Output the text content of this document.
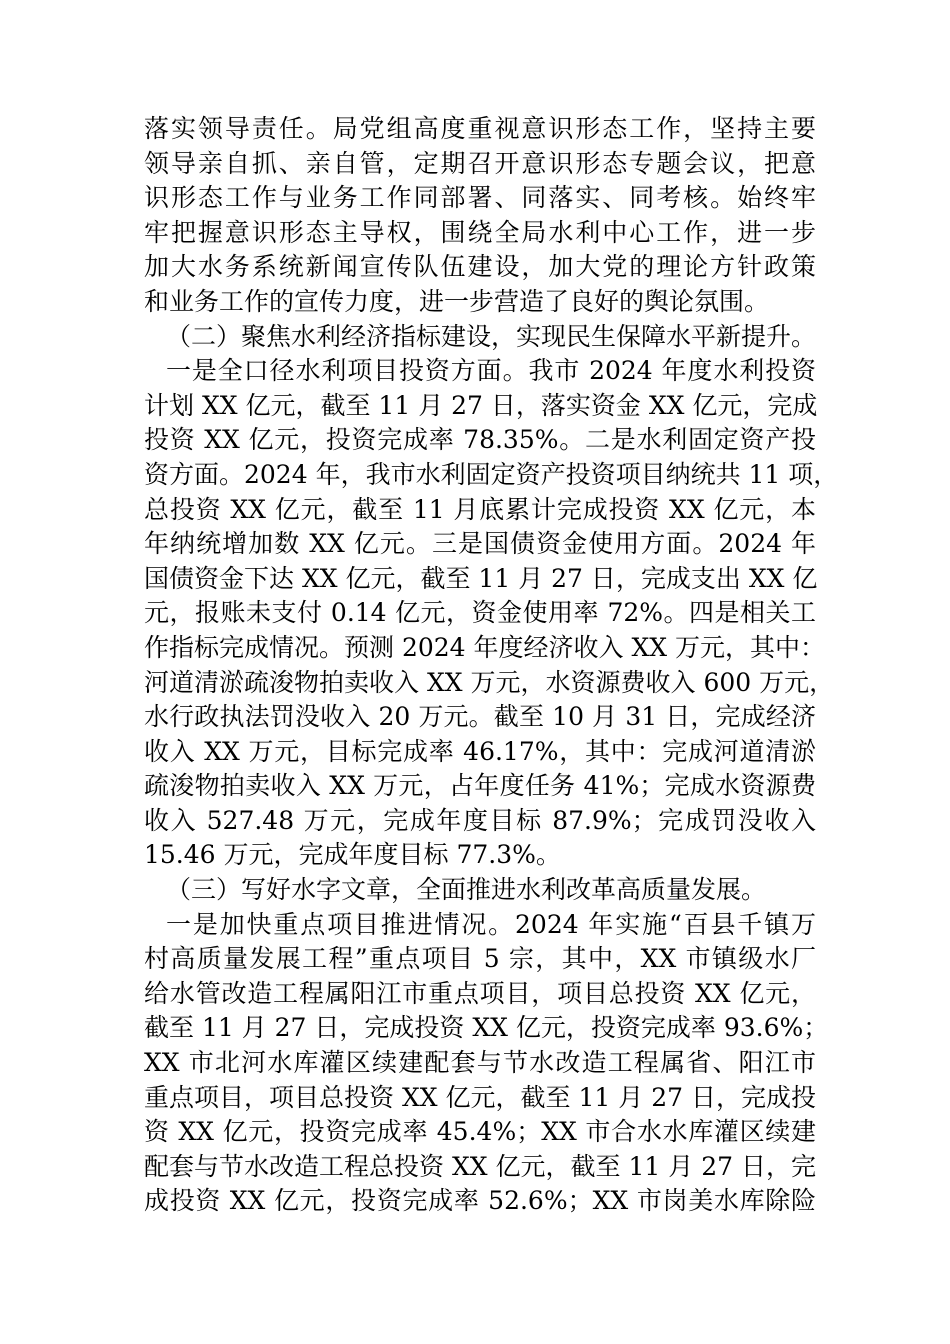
落实领导责任。局党组高度重视意识形态工作，坚持主要
领导亲自抓、亲自管，定期召开意识形态专题会议，把意
识形态工作与业务工作同部署、同落实、同考核。始终牢
牢把握意识形态主导权，围绕全局水利中心工作，进一步
加大水务系统新闻宣传队伍建设，加大党的理论方针政策
和业务工作的宣传力度，进一步营造了良好的舆论氛围。
（二）聚焦水利经济指标建设，实现民生保障水平新提升。
一是全口径水利项目投资方面。我市 2024 年度水利投资
计划 XX 亿元，截至 11 月 27 日，落实资金 XX 亿元，完成
投资 XX 亿元，投资完成率 78.35%。二是水利固定资产投
资方面。2024 年，我市水利固定资产投资项目纳统共 11 项，
总投资 XX 亿元，截至 11 月底累计完成投资 XX 亿元，本
年纳统增加数 XX 亿元。三是国债资金使用方面。2024 年
国债资金下达 XX 亿元，截至 11 月 27 日，完成支出 XX 亿
元，报账未支付 0.14 亿元，资金使用率 72%。四是相关工
作指标完成情况。预测 2024 年度经济收入 XX 万元，其中：
河道清淤疏浚物拍卖收入 XX 万元，水资源费收入 600 万元，
水行政执法罚没收入 20 万元。截至 10 月 31 日，完成经济
收入 XX 万元，目标完成率 46.17%，其中：完成河道清淤
疏浚物拍卖收入 XX 万元，占年度任务 41%；完成水资源费
收入 527.48 万元，完成年度目标 87.9%；完成罚没收入
15.46 万元，完成年度目标 77.3%。
（三）写好水字文章，全面推进水利改革高质量发展。
一是加快重点项目推进情况。2024 年实施“百县千镇万
村高质量发展工程”重点项目 5 宗，其中，XX 市镇级水厂
给水管改造工程属阳江市重点项目，项目总投资 XX 亿元，
截至 11 月 27 日，完成投资 XX 亿元，投资完成率 93.6%；
XX 市北河水库灌区续建配套与节水改造工程属省、阳江市
重点项目，项目总投资 XX 亿元，截至 11 月 27 日，完成投
资 XX 亿元，投资完成率 45.4%；XX 市合水水库灌区续建
配套与节水改造工程总投资 XX 亿元，截至 11 月 27 日，完
成投资 XX 亿元，投资完成率 52.6%；XX 市岗美水库除险
